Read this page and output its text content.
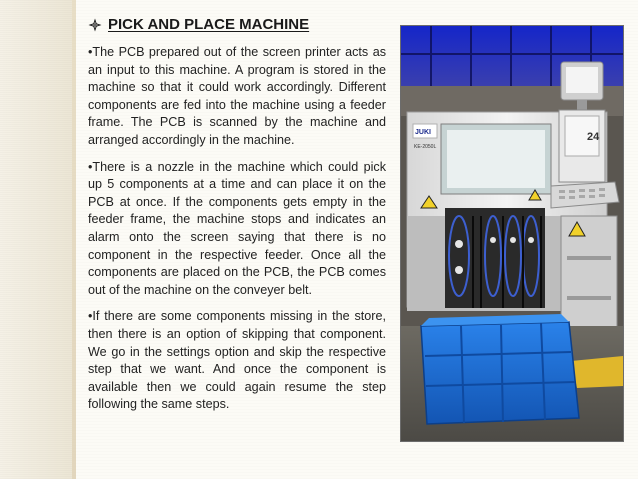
PICK AND PLACE MACHINE

•The PCB prepared out of the screen printer acts as an input to this machine. A program is stored in the machine so that it could work accordingly. Different components are fed into the machine using a feeder frame. The PCB is scanned by the machine and arranged accordingly in the machine.

•There is a nozzle in the machine which could pick up 5 components at a time and can place it on the PCB at once. If the components gets empty in the feeder frame, the machine stops and indicates an alarm onto the screen saying that there is no component in the respective feeder. Once all the components are placed on the PCB, the PCB comes out of the machine on the conveyer belt.

•If there are some components missing in the store, then there is an option of skipping that component. We go in the settings option and skip the respective step that we want. And once the component is available then we could again resume the step following the same steps.

JUKI
KE-2050L
24
